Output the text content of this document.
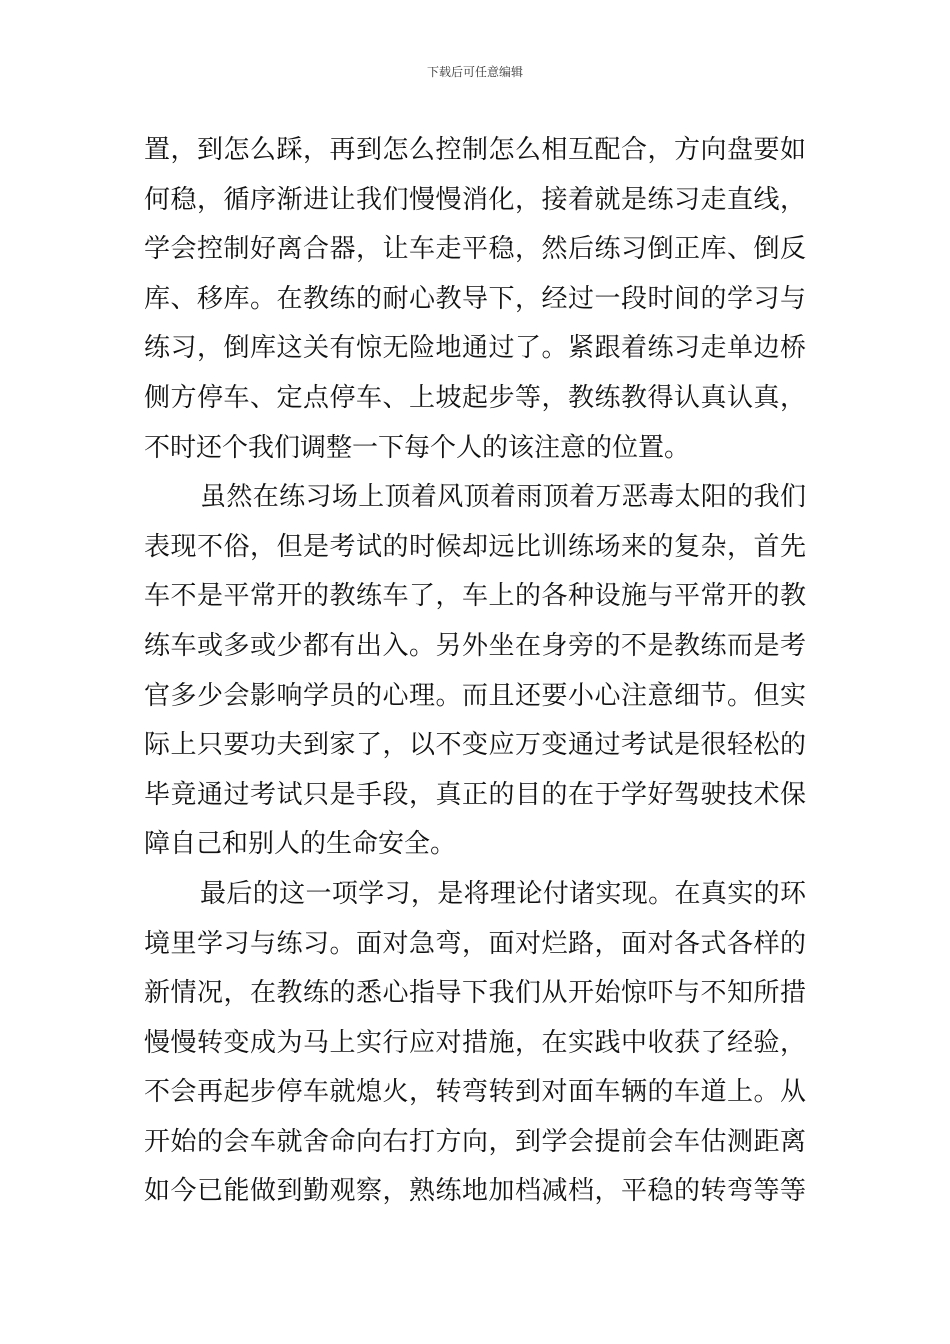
下载后可任意编辑
置，到怎么踩，再到怎么控制怎么相互配合，方向盘要如
何稳，循序渐进让我们慢慢消化，接着就是练习走直线，
学会控制好离合器，让车走平稳，然后练习倒正库、倒反
库、移库。在教练的耐心教导下，经过一段时间的学习与
练习，倒库这关有惊无险地通过了。紧跟着练习走单边桥
侧方停车、定点停车、上坡起步等，教练教得认真认真，
不时还个我们调整一下每个人的该注意的位置。
虽然在练习场上顶着风顶着雨顶着万恶毒太阳的我们
表现不俗，但是考试的时候却远比训练场来的复杂，首先
车不是平常开的教练车了，车上的各种设施与平常开的教
练车或多或少都有出入。另外坐在身旁的不是教练而是考
官多少会影响学员的心理。而且还要小心注意细节。但实
际上只要功夫到家了，以不变应万变通过考试是很轻松的
毕竟通过考试只是手段，真正的目的在于学好驾驶技术保
障自己和别人的生命安全。
最后的这一项学习，是将理论付诸实现。在真实的环
境里学习与练习。面对急弯，面对烂路，面对各式各样的
新情况，在教练的悉心指导下我们从开始惊吓与不知所措
慢慢转变成为马上实行应对措施，在实践中收获了经验，
不会再起步停车就熄火，转弯转到对面车辆的车道上。从
开始的会车就舍命向右打方向，到学会提前会车估测距离
如今已能做到勤观察，熟练地加档减档，平稳的转弯等等
